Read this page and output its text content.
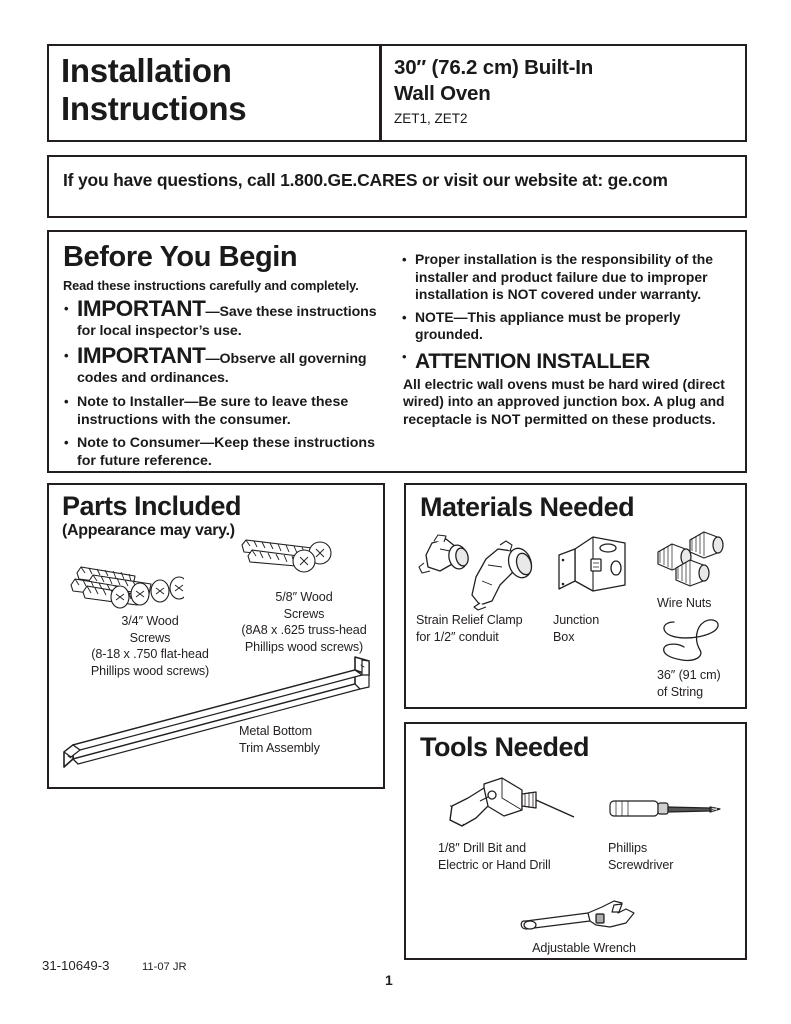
Installation
Instructions
30″ (76.2 cm) Built-In
Wall Oven
ZET1, ZET2
If you have questions, call 1.800.GE.CARES or visit our website at: ge.com
Before You Begin
Read these instructions carefully and completely.
• IMPORTANT—Save these instructions for local inspector’s use.
• IMPORTANT—Observe all governing codes and ordinances.
• Note to Installer—Be sure to leave these instructions with the consumer.
• Note to Consumer—Keep these instructions for future reference.
• Proper installation is the responsibility of the installer and product failure due to improper installation is NOT covered under warranty.
• NOTE—This appliance must be properly grounded.
• ATTENTION INSTALLER
All electric wall ovens must be hard wired (direct wired) into an approved junction box. A plug and receptacle is NOT permitted on these products.
Parts Included
(Appearance may vary.)
3/4″ Wood
Screws
(8-18 x .750 flat-head
Phillips wood screws)
5/8″ Wood
Screws
(8A8 x .625 truss-head
Phillips wood screws)
Metal Bottom
Trim Assembly
Materials Needed
Strain Relief Clamp
for 1/2″ conduit
Junction
Box
Wire Nuts
36″ (91 cm)
of String
Tools Needed
1/8″ Drill Bit and
Electric or Hand Drill
Phillips
Screwdriver
Adjustable Wrench
31-10649-3	11-07 JR
1
